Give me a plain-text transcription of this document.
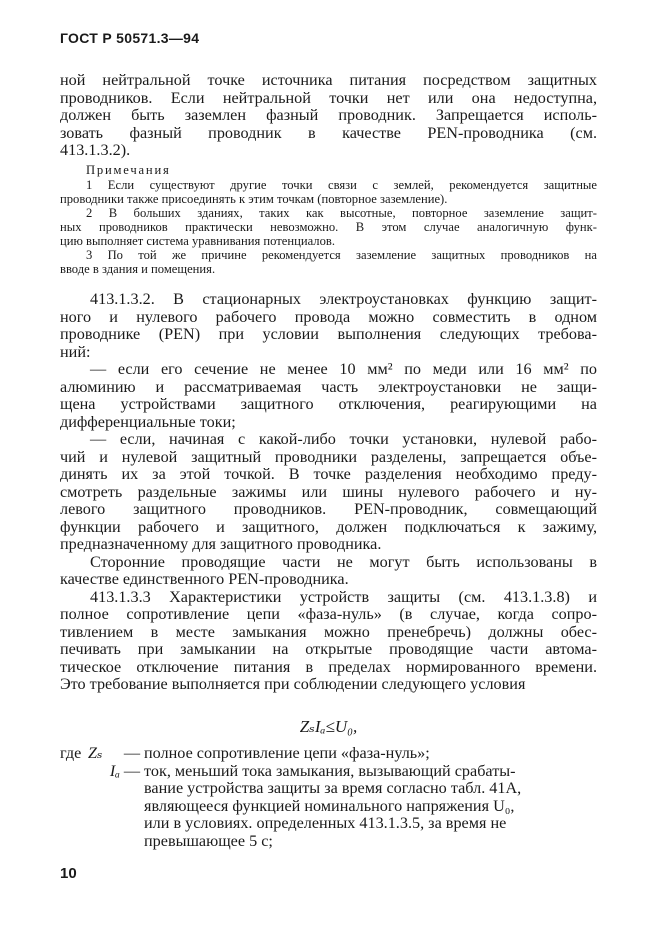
ГОСТ Р 50571.3—94
ной нейтральной точке источника питания посредством защитных
проводников. Если нейтральной точки нет или она недоступна,
должен быть заземлен фазный проводник. Запрещается исполь-
зовать фазный проводник в качестве PEN-проводника (см.
413.1.3.2).
Примечания
1 Если существуют другие точки связи с землей, рекомендуется защитные
проводники также присоединять к этим точкам (повторное заземление).
2 В больших зданиях, таких как высотные, повторное заземление защит-
ных проводников практически невозможно. В этом случае аналогичную функ-
цию выполняет система уравнивания потенциалов.
3 По той же причине рекомендуется заземление защитных проводников на
вводе в здания и помещения.
413.1.3.2. В стационарных электроустановках функцию защит-
ного и нулевого рабочего провода можно совместить в одном
проводнике (PEN) при условии выполнения следующих требова-
ний:
— если его сечение не менее 10 мм² по меди или 16 мм² по
алюминию и рассматриваемая часть электроустановки не защи-
щена устройствами защитного отключения, реагирующими на
дифференциальные токи;
— если, начиная с какой-либо точки установки, нулевой рабо-
чий и нулевой защитный проводники разделены, запрещается объе-
динять их за этой точкой. В точке разделения необходимо преду-
смотреть раздельные зажимы или шины нулевого рабочего и ну-
левого защитного проводников. PEN-проводник, совмещающий
функции рабочего и защитного, должен подключаться к зажиму,
предназначенному для защитного проводника.
Сторонние проводящие части не могут быть использованы в
качестве единственного PEN-проводника.
413.1.3.3 Характеристики устройств защиты (см. 413.1.3.8) и
полное сопротивление цепи «фаза-нуль» (в случае, когда сопро-
тивлением в месте замыкания можно пренебречь) должны обес-
печивать при замыкании на открытые проводящие части автома-
тическое отключение питания в пределах нормированного времени.
Это требование выполняется при соблюдении следующего условия
ZₛIₐ≤U₀,
где Zₛ — полное сопротивление цепи «фаза-нуль»;
Iₐ — ток, меньший тока замыкания, вызывающий срабаты-
вание устройства защиты за время согласно табл. 41А,
являющееся функцией номинального напряжения U₀,
или в условиях. определенных 413.1.3.5, за время не
превышающее 5 с;
10
